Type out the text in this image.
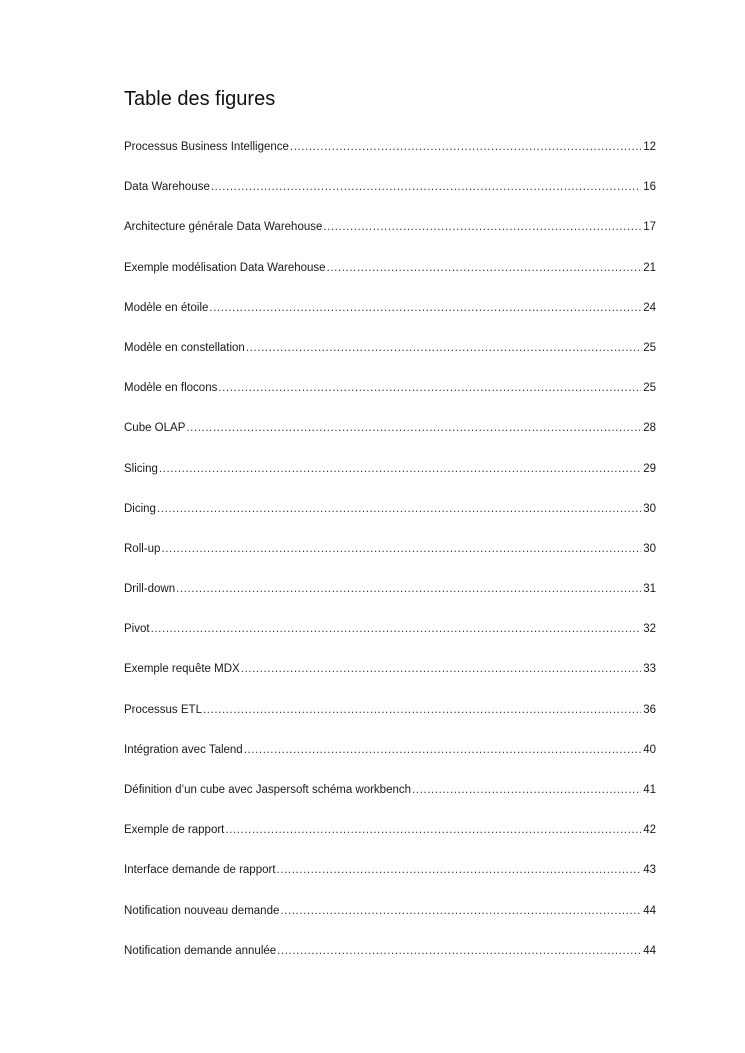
Table des figures
Processus Business Intelligence .....	12
Data Warehouse .....	16
Architecture générale Data Warehouse .....	17
Exemple modélisation Data Warehouse .....	21
Modèle en étoile .....	24
Modèle en constellation .....	25
Modèle en flocons .....	25
Cube OLAP .....	28
Slicing .....	29
Dicing .....	30
Roll-up .....	30
Drill-down .....	31
Pivot .....	32
Exemple requête MDX .....	33
Processus ETL .....	36
Intégration avec Talend .....	40
Définition d’un cube avec Jaspersoft schéma workbench .....	41
Exemple de rapport .....	42
Interface demande de rapport .....	43
Notification nouveau demande .....	44
Notification demande annulée .....	44
